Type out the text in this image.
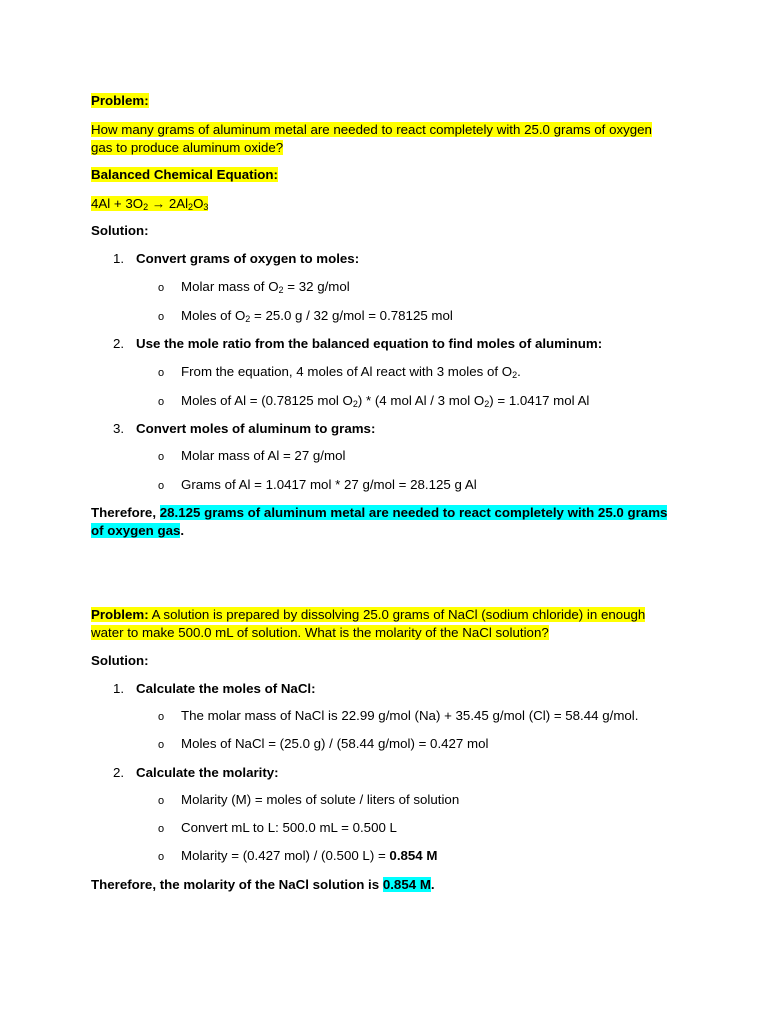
Problem:
How many grams of aluminum metal are needed to react completely with 25.0 grams of oxygen
gas to produce aluminum oxide?
Balanced Chemical Equation:
$4Al + 3O_2 \to 2Al_2O_3$
Solution:
1. Convert grams of oxygen to moles:
o Molar mass of $O_2 = 32$ g/mol
o Moles of $O_2 = 25.0$ g / 32 g/mol = 0.78125 mol
2. Use the mole ratio from the balanced equation to find moles of aluminum:
o From the equation, 4 moles of Al react with 3 moles of $O_2$.
o Moles of Al = (0.78125 mol $O_2) * (4$ mol Al / 3 mol $O_2) = 1.0417$ mol Al
3. Convert moles of aluminum to grams:
o Molar mass of Al = 27 g/mol
o Grams of Al = 1.0417 mol * 27 g/mol = 28.125 g Al
Therefore, 28.125 grams of aluminum metal are needed to react completely with 25.0 grams
of oxygen gas.
Problem: A solution is prepared by dissolving 25.0 grams of NaCl (sodium chloride) in enough
water to make 500.0 mL of solution. What is the molarity of the NaCl solution?
Solution:
1. Calculate the moles of NaCl:
o The molar mass of NaCl is 22.99 g/mol (Na) + 35.45 g/mol (Cl) = 58.44 g/mol.
o Moles of NaCl = (25.0 g) / (58.44 g/mol) = 0.427 mol
2. Calculate the molarity:
o Molarity (M) = moles of solute / liters of solution
o Convert mL to L: 500.0 mL = 0.500 L
o Molarity = (0.427 mol) / (0.500 L) = 0.854 M
Therefore, the molarity of the NaCl solution is 0.854 M.
